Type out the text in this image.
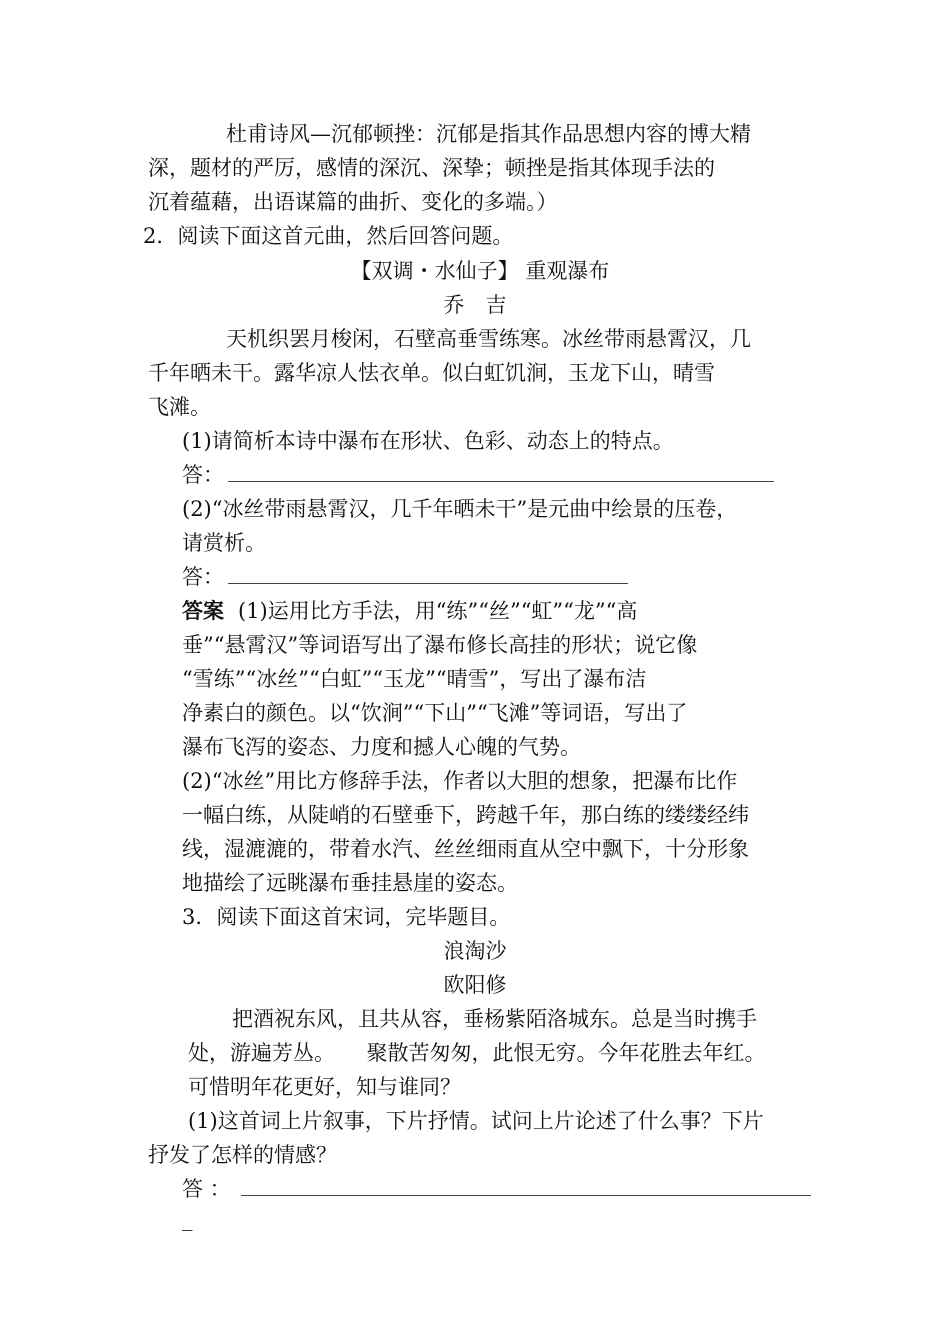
杜甫诗风—沉郁顿挫：沉郁是指其作品思想内容的博大精
深，题材的严厉，感情的深沉、深挚；顿挫是指其体现手法的
沉着蕴藉，出语谋篇的曲折、变化的多端。）
2．阅读下面这首元曲，然后回答问题。
【双调・水仙子】 重观瀑布
乔　吉
天机织罢月梭闲，石壁高垂雪练寒。冰丝带雨悬霄汉，几
千年晒未干。露华凉人怯衣单。似白虹饥涧，玉龙下山，晴雪
飞滩。
(1)请简析本诗中瀑布在形状、色彩、动态上的特点。
答：
(2)“冰丝带雨悬霄汉，几千年晒未干”是元曲中绘景的压卷，
请赏析。
答：
答案 (1)运用比方手法，用“练”“丝”“虹”“龙”“高
垂”“悬霄汉”等词语写出了瀑布修长高挂的形状；说它像
“雪练”“冰丝”“白虹”“玉龙”“晴雪”，写出了瀑布洁
净素白的颜色。以“饮涧”“下山”“飞滩”等词语，写出了
瀑布飞泻的姿态、力度和撼人心魄的气势。
(2)“冰丝”用比方修辞手法，作者以大胆的想象，把瀑布比作
一幅白练，从陡峭的石壁垂下，跨越千年，那白练的缕缕经纬
线，湿漉漉的，带着水汽、丝丝细雨直从空中飘下，十分形象
地描绘了远眺瀑布垂挂悬崖的姿态。
3．阅读下面这首宋词，完毕题目。
浪淘沙
欧阳修
把酒祝东风，且共从容，垂杨紫陌洛城东。总是当时携手
处，游遍芳丛。　　聚散苦匆匆，此恨无穷。今年花胜去年红。
可惜明年花更好，知与谁同？
(1)这首词上片叙事，下片抒情。试问上片论述了什么事？下片
抒发了怎样的情感？
答 ：
_
